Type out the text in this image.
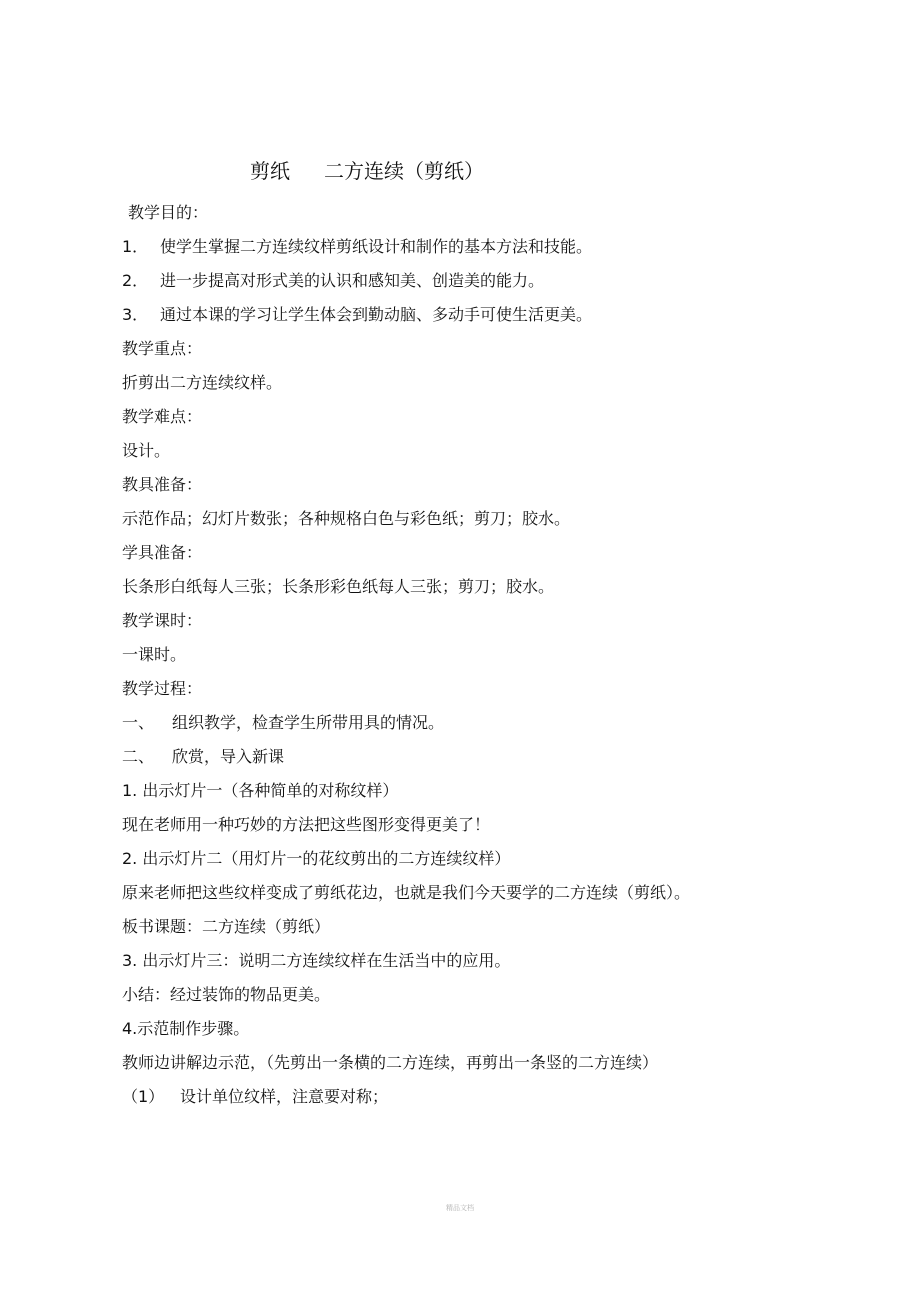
剪纸 二方连续（剪纸）
教学目的：
1． 使学生掌握二方连续纹样剪纸设计和制作的基本方法和技能。
2． 进一步提高对形式美的认识和感知美、创造美的能力。
3． 通过本课的学习让学生体会到勤动脑、多动手可使生活更美。
教学重点：
折剪出二方连续纹样。
教学难点：
设计。
教具准备：
示范作品；幻灯片数张；各种规格白色与彩色纸；剪刀；胶水。
学具准备：
长条形白纸每人三张；长条形彩色纸每人三张；剪刀；胶水。
教学课时：
一课时。
教学过程：
一、 组织教学，检查学生所带用具的情况。
二、 欣赏，导入新课
1. 出示灯片一（各种简单的对称纹样）
现在老师用一种巧妙的方法把这些图形变得更美了！
2. 出示灯片二（用灯片一的花纹剪出的二方连续纹样）
原来老师把这些纹样变成了剪纸花边，也就是我们今天要学的二方连续（剪纸）。
板书课题：二方连续（剪纸）
3. 出示灯片三：说明二方连续纹样在生活当中的应用。
小结：经过装饰的物品更美。
4.示范制作步骤。
教师边讲解边示范，（先剪出一条横的二方连续，再剪出一条竖的二方连续）
（1） 设计单位纹样，注意要对称；
精品文档
